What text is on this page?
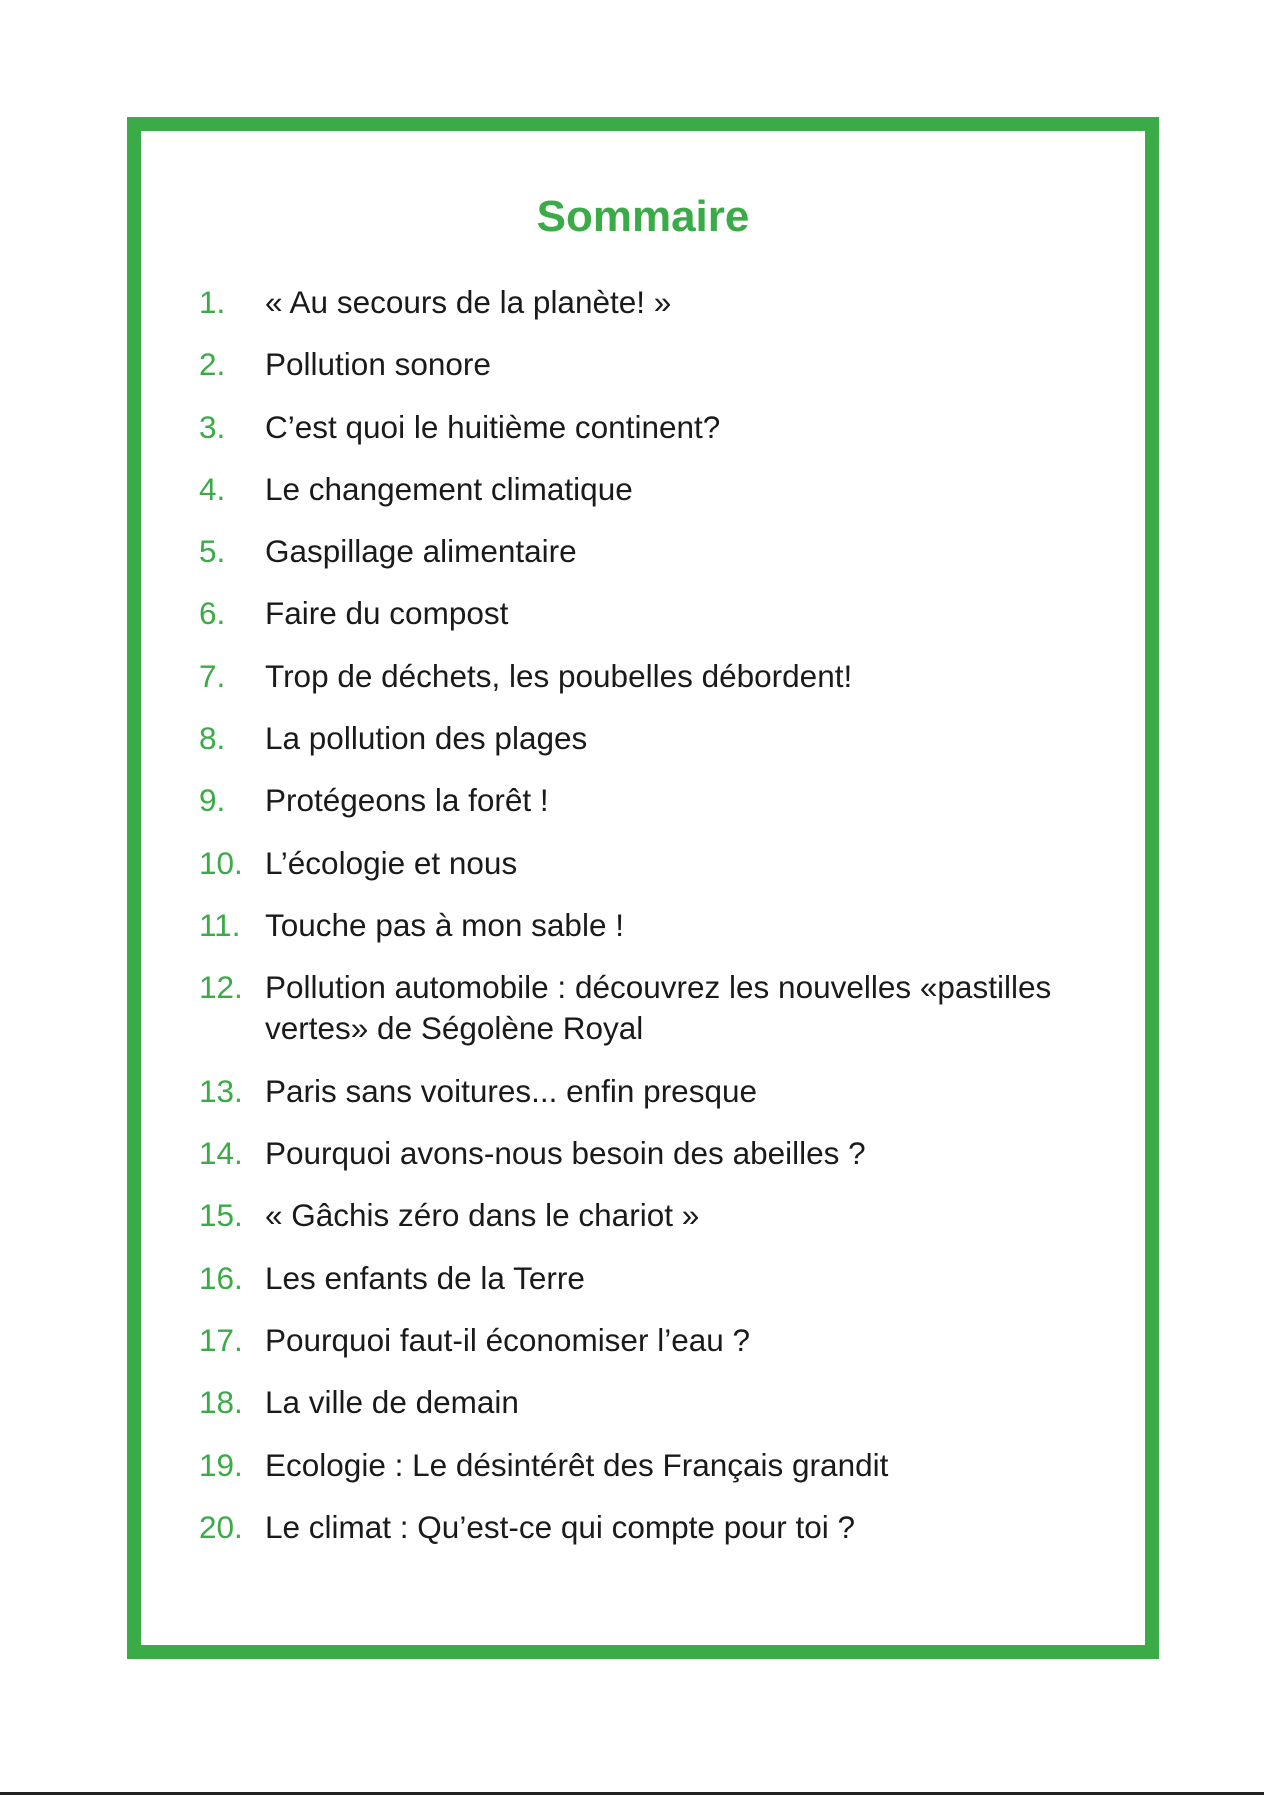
Sommaire
1.	« Au secours de la planète! »
2.	Pollution sonore
3.	C’est quoi le huitième continent?
4.	Le changement climatique
5.	Gaspillage alimentaire
6.	Faire du compost
7.	Trop de déchets, les poubelles débordent!
8.	La pollution des plages
9.	Protégeons la forêt !
10. L’écologie et nous
11. Touche pas à mon sable !
12. Pollution automobile : découvrez les nouvelles «pastilles vertes» de Ségolène Royal
13. Paris sans voitures... enfin presque
14. Pourquoi avons-nous besoin des abeilles ?
15. « Gâchis zéro dans le chariot »
16. Les enfants de la Terre
17. Pourquoi faut-il économiser l’eau ?
18. La ville de demain
19. Ecologie : Le désintérêt des Français grandit
20. Le climat : Qu’est-ce qui compte pour toi ?
